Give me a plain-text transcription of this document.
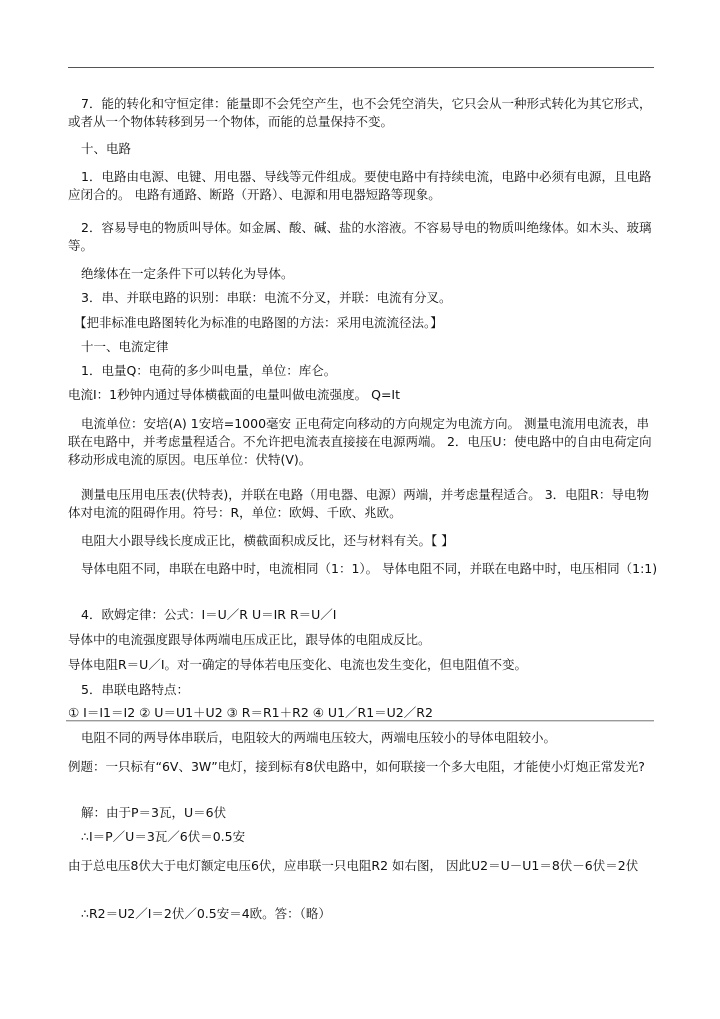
7．能的转化和守恒定律：能量即不会凭空产生，也不会凭空消失，它只会从一种形式转化为其它形式，或者从一个物体转移到另一个物体，而能的总量保持不变。
十、电路
1．电路由电源、电键、用电器、导线等元件组成。要使电路中有持续电流，电路中必须有电源，且电路应闭合的。 电路有通路、断路（开路）、电源和用电器短路等现象。
2．容易导电的物质叫导体。如金属、酸、碱、盐的水溶液。不容易导电的物质叫绝缘体。如木头、玻璃等。
绝缘体在一定条件下可以转化为导体。
3．串、并联电路的识别：串联：电流不分叉，并联：电流有分叉。
【把非标准电路图转化为标准的电路图的方法：采用电流流径法。】
十一、电流定律
1．电量Q：电荷的多少叫电量，单位：库仑。
电流I：1秒钟内通过导体横截面的电量叫做电流强度。 Q=It
电流单位：安培(A) 1安培=1000毫安 正电荷定向移动的方向规定为电流方向。 测量电流用电流表，串联在电路中，并考虑量程适合。不允许把电流表直接接在电源两端。 2．电压U：使电路中的自由电荷定向移动形成电流的原因。电压单位：伏特(V)。
测量电压用电压表(伏特表)，并联在电路（用电器、电源）两端，并考虑量程适合。 3．电阻R：导电物体对电流的阻碍作用。符号：R，单位：欧姆、千欧、兆欧。
电阻大小跟导线长度成正比，横截面积成反比，还与材料有关。【 】
导体电阻不同，串联在电路中时，电流相同（1：1）。 导体电阻不同，并联在电路中时，电压相同（1:1)
4．欧姆定律：公式：I＝U／R U＝IR R＝U／I
导体中的电流强度跟导体两端电压成正比，跟导体的电阻成反比。
导体电阻R＝U／I。对一确定的导体若电压变化、电流也发生变化，但电阻值不变。
5．串联电路特点：
① I＝I1＝I2 ② U＝U1＋U2 ③ R＝R1＋R2 ④ U1／R1＝U2／R2
电阻不同的两导体串联后，电阻较大的两端电压较大，两端电压较小的导体电阻较小。
例题：一只标有“6V、3W”电灯，接到标有8伏电路中，如何联接一个多大电阻，才能使小灯炮正常发光?
解：由于P＝3瓦，U＝6伏
∴I＝P／U＝3瓦／6伏＝0.5安
由于总电压8伏大于电灯额定电压6伏，应串联一只电阻R2 如右图， 因此U2＝U－U1＝8伏－6伏＝2伏
∴R2＝U2／I＝2伏／0.5安＝4欧。答：（略）
